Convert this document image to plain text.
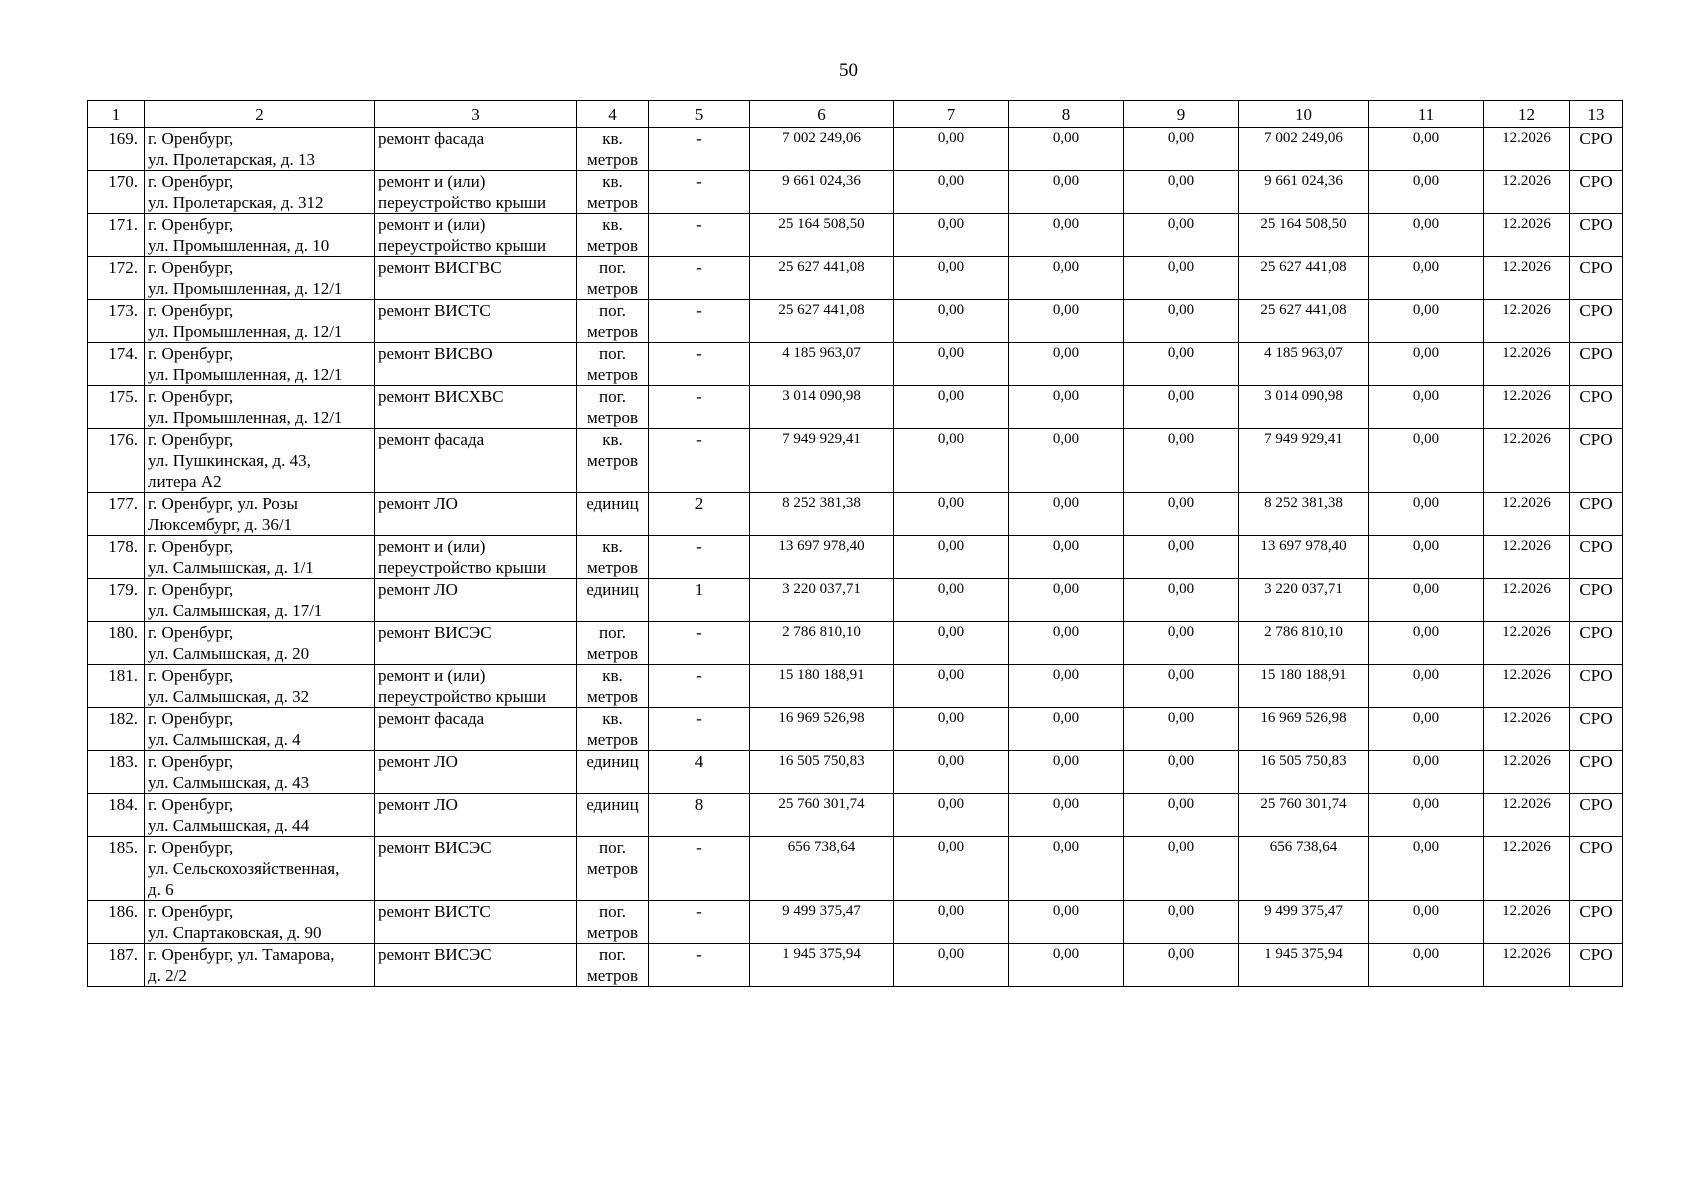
50
1	2	3	4	5	6	7	8	9	10	11	12	13
169.	г. Оренбург,
ул. Пролетарская, д. 13	ремонт фасада	кв.
метров	-	7 002 249,06	0,00	0,00	0,00	7 002 249,06	0,00	12.2026	СРО
170.	г. Оренбург,
ул. Пролетарская, д. 312	ремонт и (или)
переустройство крыши	кв.
метров	-	9 661 024,36	0,00	0,00	0,00	9 661 024,36	0,00	12.2026	СРО
171.	г. Оренбург,
ул. Промышленная, д. 10	ремонт и (или)
переустройство крыши	кв.
метров	-	25 164 508,50	0,00	0,00	0,00	25 164 508,50	0,00	12.2026	СРО
172.	г. Оренбург,
ул. Промышленная, д. 12/1	ремонт ВИСГВС	пог.
метров	-	25 627 441,08	0,00	0,00	0,00	25 627 441,08	0,00	12.2026	СРО
173.	г. Оренбург,
ул. Промышленная, д. 12/1	ремонт ВИСТС	пог.
метров	-	25 627 441,08	0,00	0,00	0,00	25 627 441,08	0,00	12.2026	СРО
174.	г. Оренбург,
ул. Промышленная, д. 12/1	ремонт ВИСВО	пог.
метров	-	4 185 963,07	0,00	0,00	0,00	4 185 963,07	0,00	12.2026	СРО
175.	г. Оренбург,
ул. Промышленная, д. 12/1	ремонт ВИСХВС	пог.
метров	-	3 014 090,98	0,00	0,00	0,00	3 014 090,98	0,00	12.2026	СРО
176.	г. Оренбург,
ул. Пушкинская, д. 43,
литера А2	ремонт фасада	кв.
метров	-	7 949 929,41	0,00	0,00	0,00	7 949 929,41	0,00	12.2026	СРО
177.	г. Оренбург, ул. Розы
Люксембург, д. 36/1	ремонт ЛО	единиц	2	8 252 381,38	0,00	0,00	0,00	8 252 381,38	0,00	12.2026	СРО
178.	г. Оренбург,
ул. Салмышская, д. 1/1	ремонт и (или)
переустройство крыши	кв.
метров	-	13 697 978,40	0,00	0,00	0,00	13 697 978,40	0,00	12.2026	СРО
179.	г. Оренбург,
ул. Салмышская, д. 17/1	ремонт ЛО	единиц	1	3 220 037,71	0,00	0,00	0,00	3 220 037,71	0,00	12.2026	СРО
180.	г. Оренбург,
ул. Салмышская, д. 20	ремонт ВИСЭС	пог.
метров	-	2 786 810,10	0,00	0,00	0,00	2 786 810,10	0,00	12.2026	СРО
181.	г. Оренбург,
ул. Салмышская, д. 32	ремонт и (или)
переустройство крыши	кв.
метров	-	15 180 188,91	0,00	0,00	0,00	15 180 188,91	0,00	12.2026	СРО
182.	г. Оренбург,
ул. Салмышская, д. 4	ремонт фасада	кв.
метров	-	16 969 526,98	0,00	0,00	0,00	16 969 526,98	0,00	12.2026	СРО
183.	г. Оренбург,
ул. Салмышская, д. 43	ремонт ЛО	единиц	4	16 505 750,83	0,00	0,00	0,00	16 505 750,83	0,00	12.2026	СРО
184.	г. Оренбург,
ул. Салмышская, д. 44	ремонт ЛО	единиц	8	25 760 301,74	0,00	0,00	0,00	25 760 301,74	0,00	12.2026	СРО
185.	г. Оренбург,
ул. Сельскохозяйственная,
д. 6	ремонт ВИСЭС	пог.
метров	-	656 738,64	0,00	0,00	0,00	656 738,64	0,00	12.2026	СРО
186.	г. Оренбург,
ул. Спартаковская, д. 90	ремонт ВИСТС	пог.
метров	-	9 499 375,47	0,00	0,00	0,00	9 499 375,47	0,00	12.2026	СРО
187.	г. Оренбург, ул. Тамарова,
д. 2/2	ремонт ВИСЭС	пог.
метров	-	1 945 375,94	0,00	0,00	0,00	1 945 375,94	0,00	12.2026	СРО
